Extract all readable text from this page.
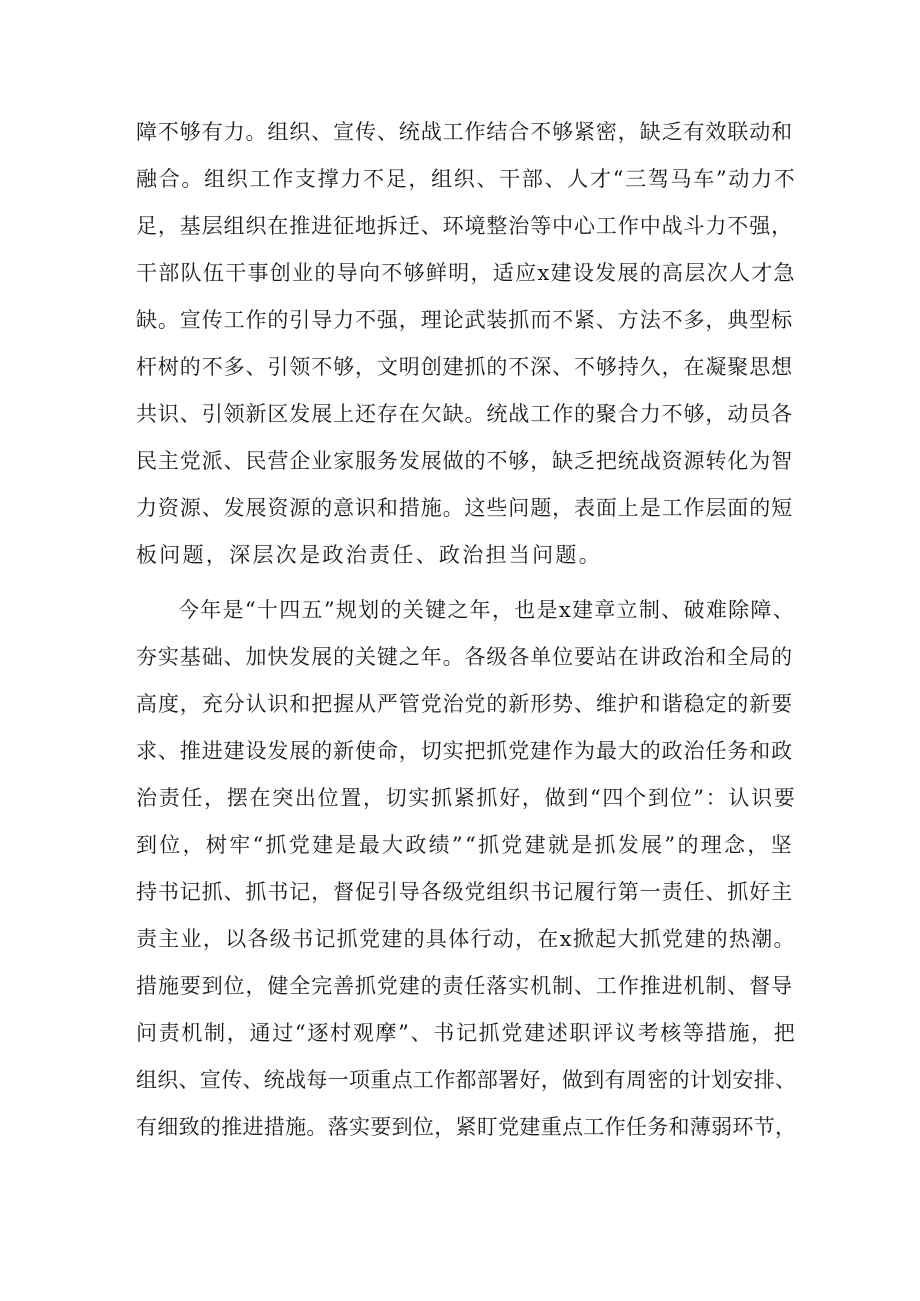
障不够有力。组织、宣传、统战工作结合不够紧密，缺乏有效联动和
融合。组织工作支撑力不足，组织、干部、人才“三驾马车”动力不
足，基层组织在推进征地拆迁、环境整治等中心工作中战斗力不强，
干部队伍干事创业的导向不够鲜明，适应x建设发展的高层次人才急
缺。宣传工作的引导力不强，理论武装抓而不紧、方法不多，典型标
杆树的不多、引领不够，文明创建抓的不深、不够持久，在凝聚思想
共识、引领新区发展上还存在欠缺。统战工作的聚合力不够，动员各
民主党派、民营企业家服务发展做的不够，缺乏把统战资源转化为智
力资源、发展资源的意识和措施。这些问题，表面上是工作层面的短
板问题，深层次是政治责任、政治担当问题。
今年是“十四五”规划的关键之年，也是x建章立制、破难除障、
夯实基础、加快发展的关键之年。各级各单位要站在讲政治和全局的
高度，充分认识和把握从严管党治党的新形势、维护和谐稳定的新要
求、推进建设发展的新使命，切实把抓党建作为最大的政治任务和政
治责任，摆在突出位置，切实抓紧抓好，做到“四个到位”：认识要
到位，树牢“抓党建是最大政绩”“抓党建就是抓发展”的理念，坚
持书记抓、抓书记，督促引导各级党组织书记履行第一责任、抓好主
责主业，以各级书记抓党建的具体行动，在x掀起大抓党建的热潮。
措施要到位，健全完善抓党建的责任落实机制、工作推进机制、督导
问责机制，通过“逐村观摩”、书记抓党建述职评议考核等措施，把
组织、宣传、统战每一项重点工作都部署好，做到有周密的计划安排、
有细致的推进措施。落实要到位，紧盯党建重点工作任务和薄弱环节，
